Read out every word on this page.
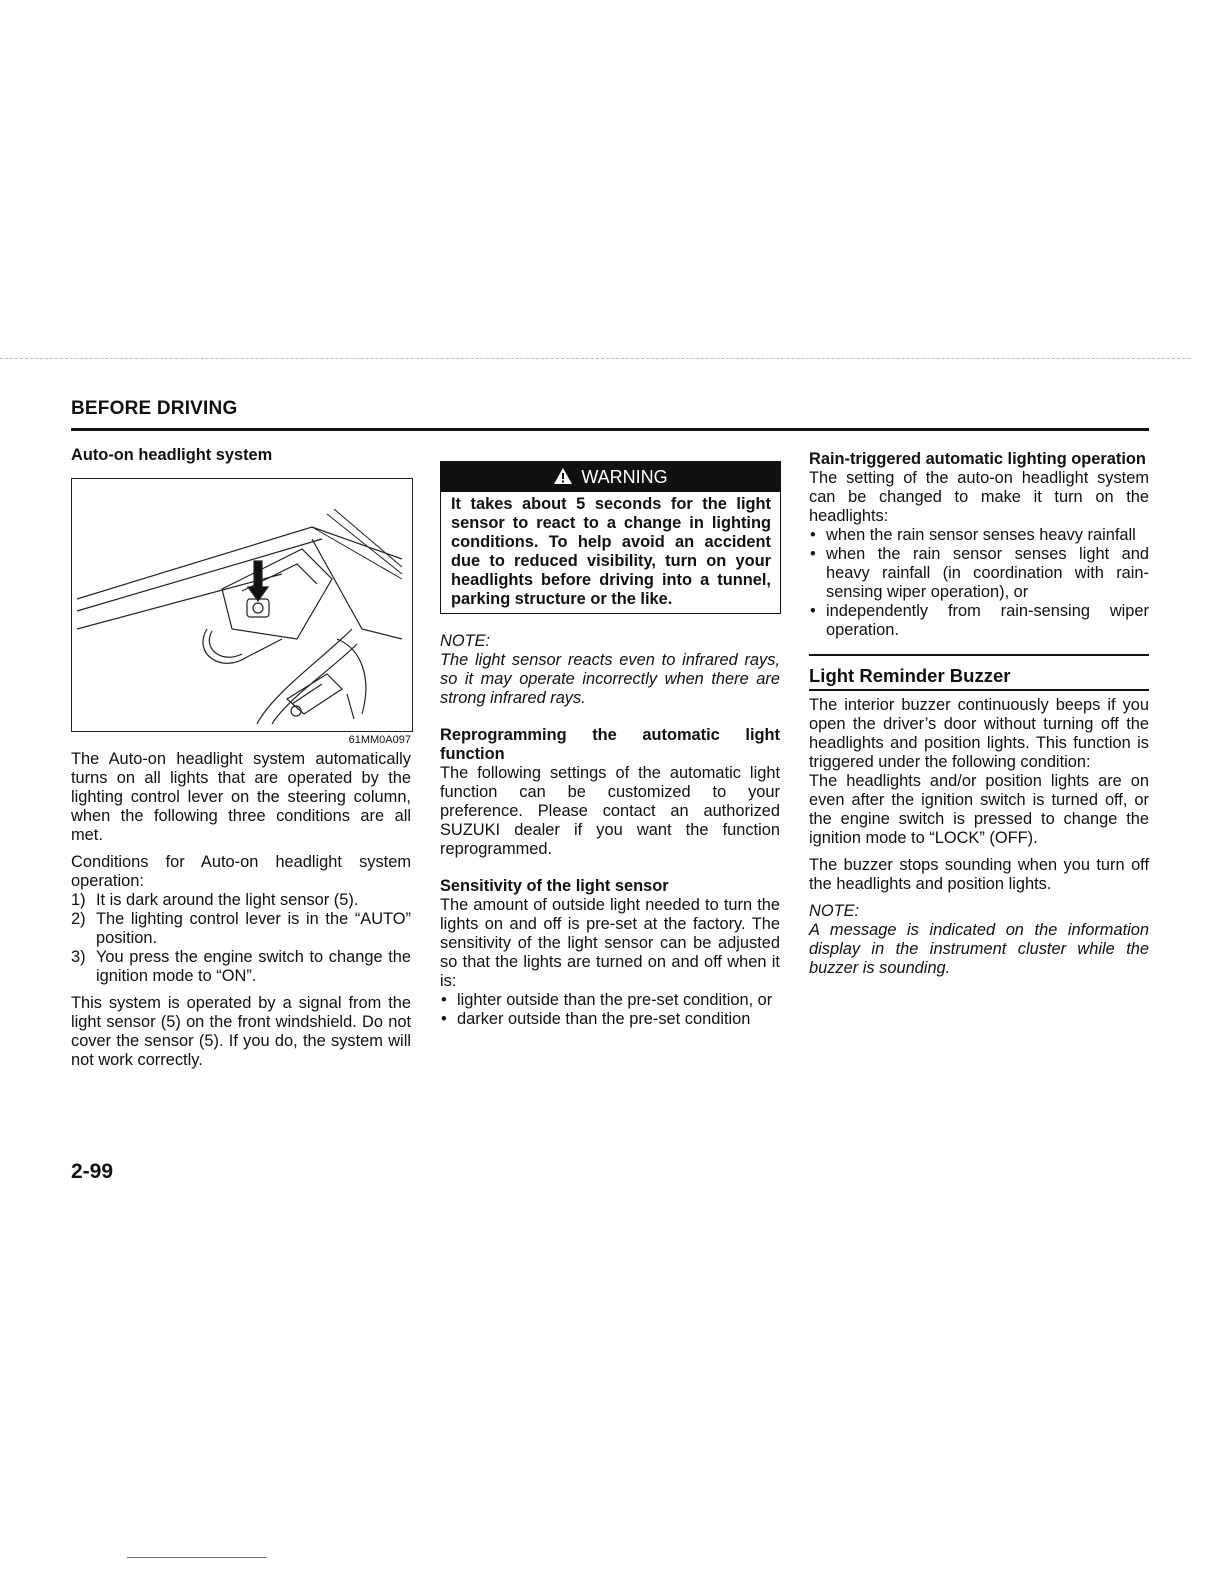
BEFORE DRIVING
Auto-on headlight system
61MM0A097

The Auto-on headlight system automatically turns on all lights that are operated by the lighting control lever on the steering column, when the following three conditions are all met.

Conditions for Auto-on headlight system operation:

1) It is dark around the light sensor (5).
2) The lighting control lever is in the “AUTO” position.
3) You press the engine switch to change the ignition mode to “ON”.

This system is operated by a signal from the light sensor (5) on the front windshield. Do not cover the sensor (5). If you do, the system will not work correctly.

WARNING
It takes about 5 seconds for the light sensor to react to a change in lighting conditions. To help avoid an accident due to reduced visibility, turn on your headlights before driving into a tunnel, parking structure or the like.
NOTE:

The light sensor reacts even to infrared rays, so it may operate incorrectly when there are strong infrared rays.

Reprogramming the automatic light function

The following settings of the automatic light function can be customized to your preference. Please contact an authorized SUZUKI dealer if you want the function reprogrammed.

Sensitivity of the light sensor

The amount of outside light needed to turn the lights on and off is pre-set at the factory. The sensitivity of the light sensor can be adjusted so that the lights are turned on and off when it is:

• lighter outside than the pre-set condition, or
• darker outside than the pre-set condition
Rain-triggered automatic lighting operation

The setting of the auto-on headlight system can be changed to make it turn on the headlights:

• when the rain sensor senses heavy rainfall
• when the rain sensor senses light and heavy rainfall (in coordination with rain-sensing wiper operation), or
• independently from rain-sensing wiper operation.
Light Reminder Buzzer

The interior buzzer continuously beeps if you open the driver’s door without turning off the headlights and position lights. This function is triggered under the following condition:

The headlights and/or position lights are on even after the ignition switch is turned off, or the engine switch is pressed to change the ignition mode to “LOCK” (OFF).

The buzzer stops sounding when you turn off the headlights and position lights.

NOTE:

A message is indicated on the information display in the instrument cluster while the buzzer is sounding.

2-99
